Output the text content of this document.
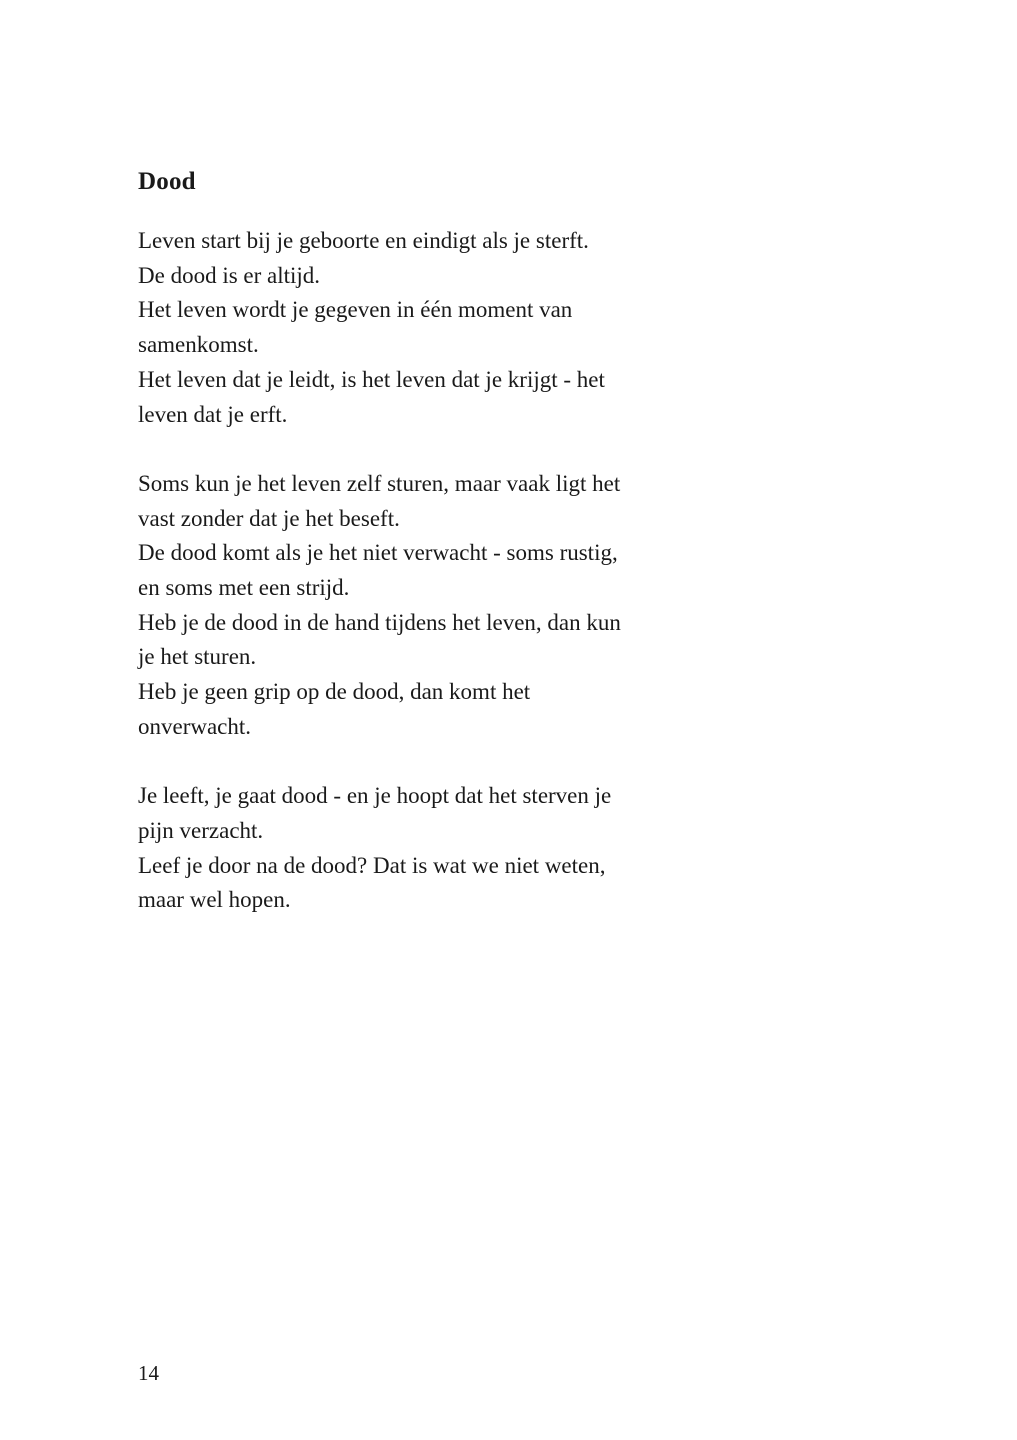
Dood

Leven start bij je geboorte en eindigt als je sterft.
De dood is er altijd.
Het leven wordt je gegeven in één moment van
samenkomst.
Het leven dat je leidt, is het leven dat je krijgt - het
leven dat je erft.

Soms kun je het leven zelf sturen, maar vaak ligt het
vast zonder dat je het beseft.
De dood komt als je het niet verwacht - soms rustig,
en soms met een strijd.
Heb je de dood in de hand tijdens het leven, dan kun
je het sturen.
Heb je geen grip op de dood, dan komt het
onverwacht.

Je leeft, je gaat dood - en je hoopt dat het sterven je
pijn verzacht.
Leef je door na de dood? Dat is wat we niet weten,
maar wel hopen.

14
